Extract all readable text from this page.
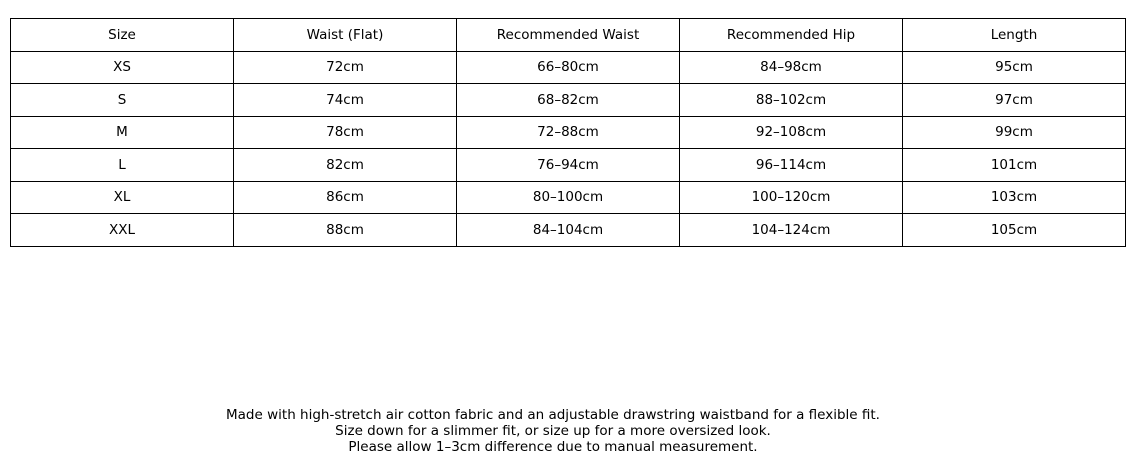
Size	Waist (Flat)	Recommended Waist	Recommended Hip	Length
XS	72cm	66–80cm	84–98cm	95cm
S	74cm	68–82cm	88–102cm	97cm
M	78cm	72–88cm	92–108cm	99cm
L	82cm	76–94cm	96–114cm	101cm
XL	86cm	80–100cm	100–120cm	103cm
XXL	88cm	84–104cm	104–124cm	105cm
Made with high-stretch air cotton fabric and an adjustable drawstring waistband for a flexible fit.
Size down for a slimmer fit, or size up for a more oversized look.
Please allow 1–3cm difference due to manual measurement.
